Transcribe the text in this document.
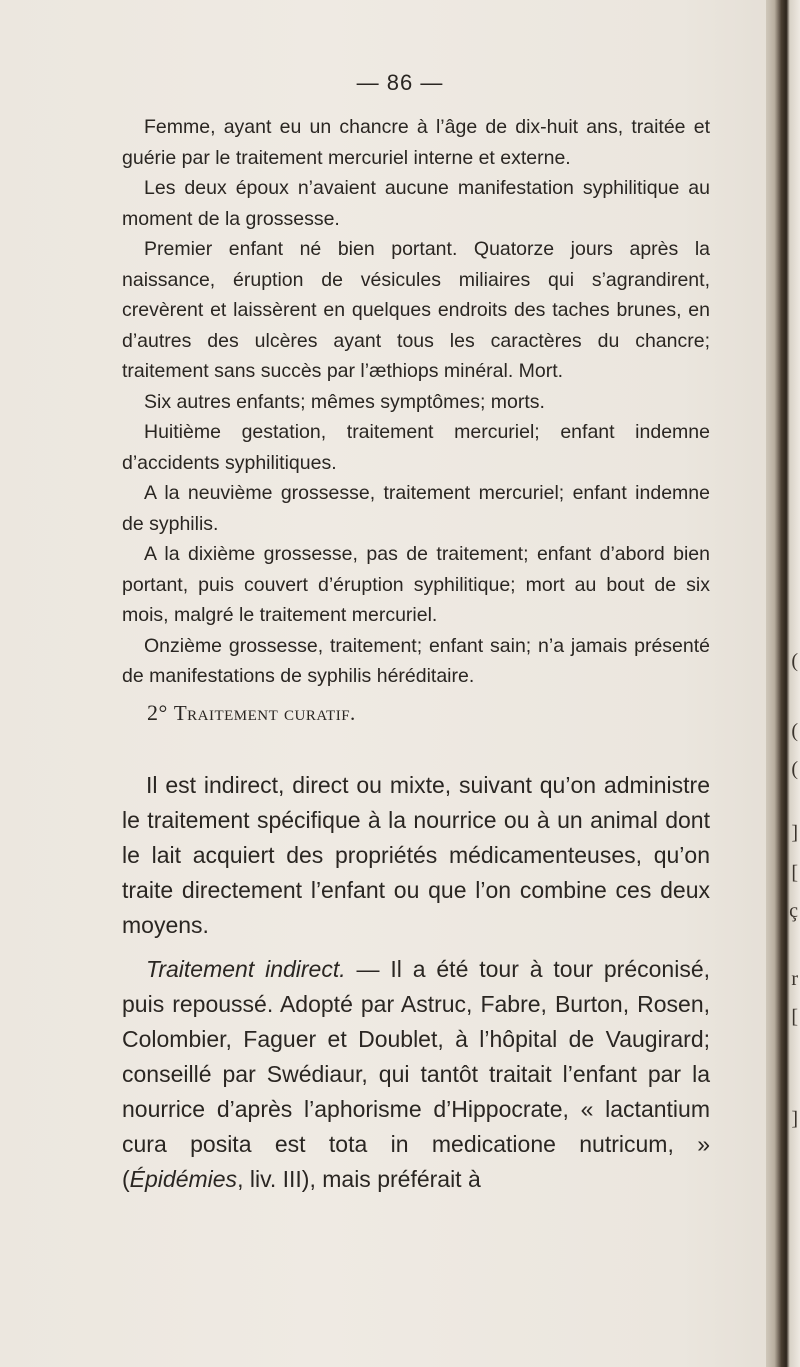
— 86 —

Femme, ayant eu un chancre à l’âge de dix-huit ans, traitée et guérie par le traitement mercuriel interne et externe.

Les deux époux n’avaient aucune manifestation syphilitique au moment de la grossesse.

Premier enfant né bien portant. Quatorze jours après la naissance, éruption de vésicules miliaires qui s’agrandirent, crevèrent et laissèrent en quelques endroits des taches brunes, en d’autres des ulcères ayant tous les caractères du chancre; traitement sans succès par l’æthiops minéral. Mort.

Six autres enfants; mêmes symptômes; morts.

Huitième gestation, traitement mercuriel; enfant indemne d’accidents syphilitiques.

A la neuvième grossesse, traitement mercuriel; enfant indemne de syphilis.

A la dixième grossesse, pas de traitement; enfant d’abord bien portant, puis couvert d’éruption syphilitique; mort au bout de six mois, malgré le traitement mercuriel.

Onzième grossesse, traitement; enfant sain; n’a jamais présenté de manifestations de syphilis héréditaire.

2° Traitement curatif.

Il est indirect, direct ou mixte, suivant qu’on administre le traitement spécifique à la nourrice ou à un animal dont le lait acquiert des propriétés médicamenteuses, qu’on traite directement l’enfant ou que l’on combine ces deux moyens.

Traitement indirect. — Il a été tour à tour préconisé, puis repoussé. Adopté par Astruc, Fabre, Burton, Rosen, Colombier, Faguer et Doublet, à l’hôpital de Vaugirard; conseillé par Swédiaur, qui tantôt traitait l’enfant par la nourrice d’après l’aphorisme d’Hippocrate, « lactantium cura posita est tota in medicatione nutricum, » (Épidémies, liv. III), mais préférait à

(
(
(
]
[
ç
r
[
]
